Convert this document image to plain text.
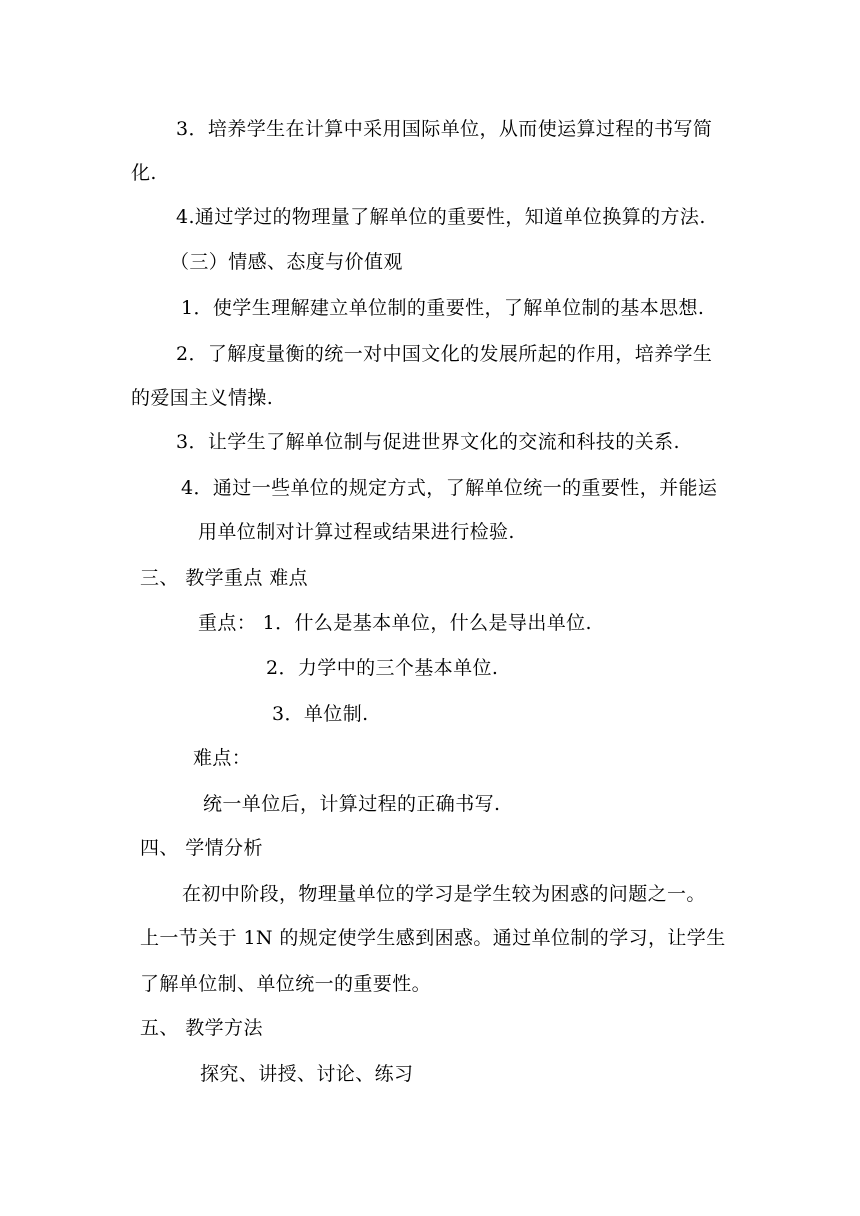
3．培养学生在计算中采用国际单位，从而使运算过程的书写简
化.
4.通过学过的物理量了解单位的重要性，知道单位换算的方法.
（三）情感、态度与价值观
1．使学生理解建立单位制的重要性，了解单位制的基本思想.
2．了解度量衡的统一对中国文化的发展所起的作用，培养学生
的爱国主义情操.
3．让学生了解单位制与促进世界文化的交流和科技的关系.
4．通过一些单位的规定方式，了解单位统一的重要性，并能运
用单位制对计算过程或结果进行检验.
三、 教学重点 难点
重点： 1．什么是基本单位，什么是导出单位.
2．力学中的三个基本单位.
3．单位制.
难点：
统一单位后，计算过程的正确书写.
四、 学情分析
在初中阶段，物理量单位的学习是学生较为困惑的问题之一。
上一节关于 1N 的规定使学生感到困惑。通过单位制的学习，让学生
了解单位制、单位统一的重要性。
五、 教学方法
探究、讲授、讨论、练习
